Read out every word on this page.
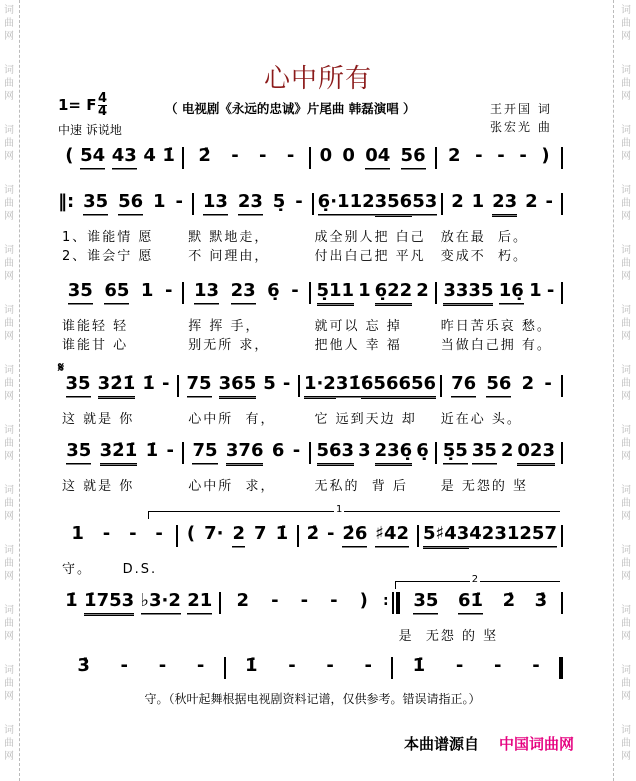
词
曲
网
词
曲
网
词
曲
网
词
曲
网
词
曲
网
词
曲
网
词
曲
网
词
曲
网
词
曲
网
词
曲
网
词
曲
网
词
曲
网
词
曲
网
词
曲
网
词
曲
网
词
曲
网
词
曲
网
词
曲
网
词
曲
网
词
曲
网
词
曲
网
词
曲
网
词
曲
网
词
曲
网
词
曲
网
词
曲
网
心中所有
1= F $\frac{4}{4}$
中速 诉说地
（ 电视剧《永远的忠诚》片尾曲 韩磊演唱 ）	王开国 词
张宏光 曲
𝄋
1
2
( 54 43 4 1̇ 2̇ - - - 0 0 04 56 2 - - - )
‖: 35 56 1 - 13 23 5̣ - 6̣·1 12 356 53 2 1 23 2 -
1、谁能情 愿	默 默地走，	成全别人把 白己	放在最  后。
2、谁会宁 愿	不 问理由，	付出白己把 平凡	变成不  朽。
35 65 1 - 13 23 6̣ - 5̣11 1 6̣22 2 3335 16̣ 1 -
谁能轻 轻	挥 挥 手，	就可以 忘 掉	昨日苦乐哀 愁。
谁能甘 心	别无所 求，	把他人 幸 福	当做白己拥 有。
35 32̇1̇ 1̇ - 75 365 5 - 1·2 31̇ 656 656 76 56 2 -
这 就是 你	心中所  有，	它 远到天边 却	近在心 头。
35 32̇1̇ 1̇ - 75 376 6 - 563 3 236̣ 6̣ 5̣5 35 2 023
这 就是 你	心中所  求，	无私的  背 后	是 无怨的 坚
1 - - - ( 7· 2 7 1̇ 2̇ - 2̇6 ♯42 5♯43 42 31 257
守。     D.S.
1̇ 1̇753 ♭3·2 21 2 - - - ) : 35 61̇ 2̇ 3̇
是  无怨 的 坚
3̇ - - - 1̇ - - - 1̇ - - -
守。（秋叶起舞根据电视剧资料记谱，仅供参考。错误请指正。）
本曲谱源自 中国词曲网
